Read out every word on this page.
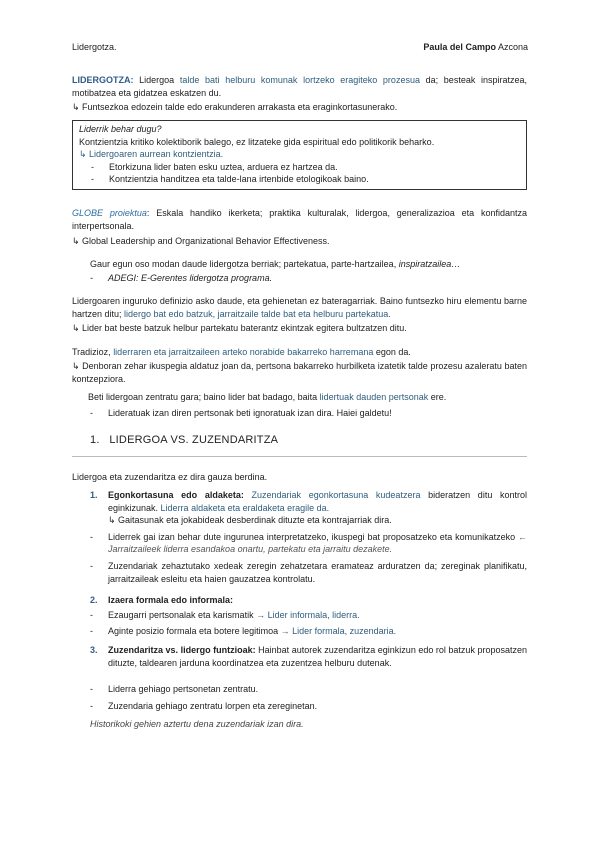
Lidergotza.	Paula del Campo Azcona
LIDERGOTZA: Lidergoa talde bati helburu komunak lortzeko eragiteko prozesua da; besteak inspiratzea, motibatzea eta gidatzea eskatzen du.
↳ Funtsezkoa edozein talde edo erakunderen arrakasta eta eraginkortasunerako.
Liderrik behar dugu?
Kontzientzia kritiko kolektiborik balego, ez litzateke gida espiritual edo politikorik beharko.
↳ Lidergoaren aurrean kontzientzia.
-	Etorkizuna lider baten esku uztea, arduera ez hartzea da.
-	Kontzientzia handitzea eta talde-lana irtenbide etologikoak baino.
GLOBE proiektua: Eskala handiko ikerketa; praktika kulturalak, lidergoa, generalizazioa eta konfidantza interpertsonala.
↳ Global Leadership and Organizational Behavior Effectiveness.
Gaur egun oso modan daude lidergotza berriak; partekatua, parte-hartzailea, inspiratzailea…
-	ADEGI: E-Gerentes lidergotza programa.
Lidergoaren inguruko definizio asko daude, eta gehienetan ez bateragarriak. Baino funtsezko hiru elementu barne hartzen ditu; lidergo bat edo batzuk, jarraitzaile talde bat eta helburu partekatua.
↳ Lider bat beste batzuk helbur partekatu baterantz ekintzak egitera bultzatzen ditu.
Tradizioz, liderraren eta jarraitzaileen arteko norabide bakarreko harremana egon da.
↳ Denboran zehar ikuspegia aldatuz joan da, pertsona bakarreko hurbilketa izatetik talde prozesu azaleratu baten kontzepziora.
Beti lidergoan zentratu gara; baino lider bat badago, baita lidertuak dauden pertsonak ere.
-	Lideratuak izan diren pertsonak beti ignoratuak izan dira. Haiei galdetu!
1. LIDERGOA VS. ZUZENDARITZA
Lidergoa eta zuzendaritza ez dira gauza berdina.
1.	Egonkortasuna edo aldaketa: Zuzendariak egonkortasuna kudeatzera bideratzen ditu kontrol eginkizunak. Liderra aldaketa eta eraldaketa eragile da.
↳ Gaitasunak eta jokabideak desberdinak dituzte eta kontrajarriak dira.
-	Liderrek gai izan behar dute ingurunea interpretatzeko, ikuspegi bat proposatzeko eta komunikatzeko ← Jarraitzaileek liderra esandakoa onartu, partekatu eta jarraitu dezakete.
-	Zuzendariak zehaztutako xedeak zeregin zehatzetara eramateaz arduratzen da; zereginak planifikatu, jarraitzaileak esleitu eta haien gauzatzea kontrolatu.
2.	Izaera formala edo informala:
-	Ezaugarri pertsonalak eta karismatik → Lider informala, liderra.
-	Aginte posizio formala eta botere legitimoa → Lider formala, zuzendaria.
3.	Zuzendaritza vs. lidergo funtzioak: Hainbat autorek zuzendaritza eginkizun edo rol batzuk proposatzen dituzte, taldearen jarduna koordinatzea eta zuzentzea helburu dutenak.
-	Liderra gehiago pertsonetan zentratu.
-	Zuzendaria gehiago zentratu lorpen eta zereginetan.
Historikoki gehien aztertu dena zuzendariak izan dira.
